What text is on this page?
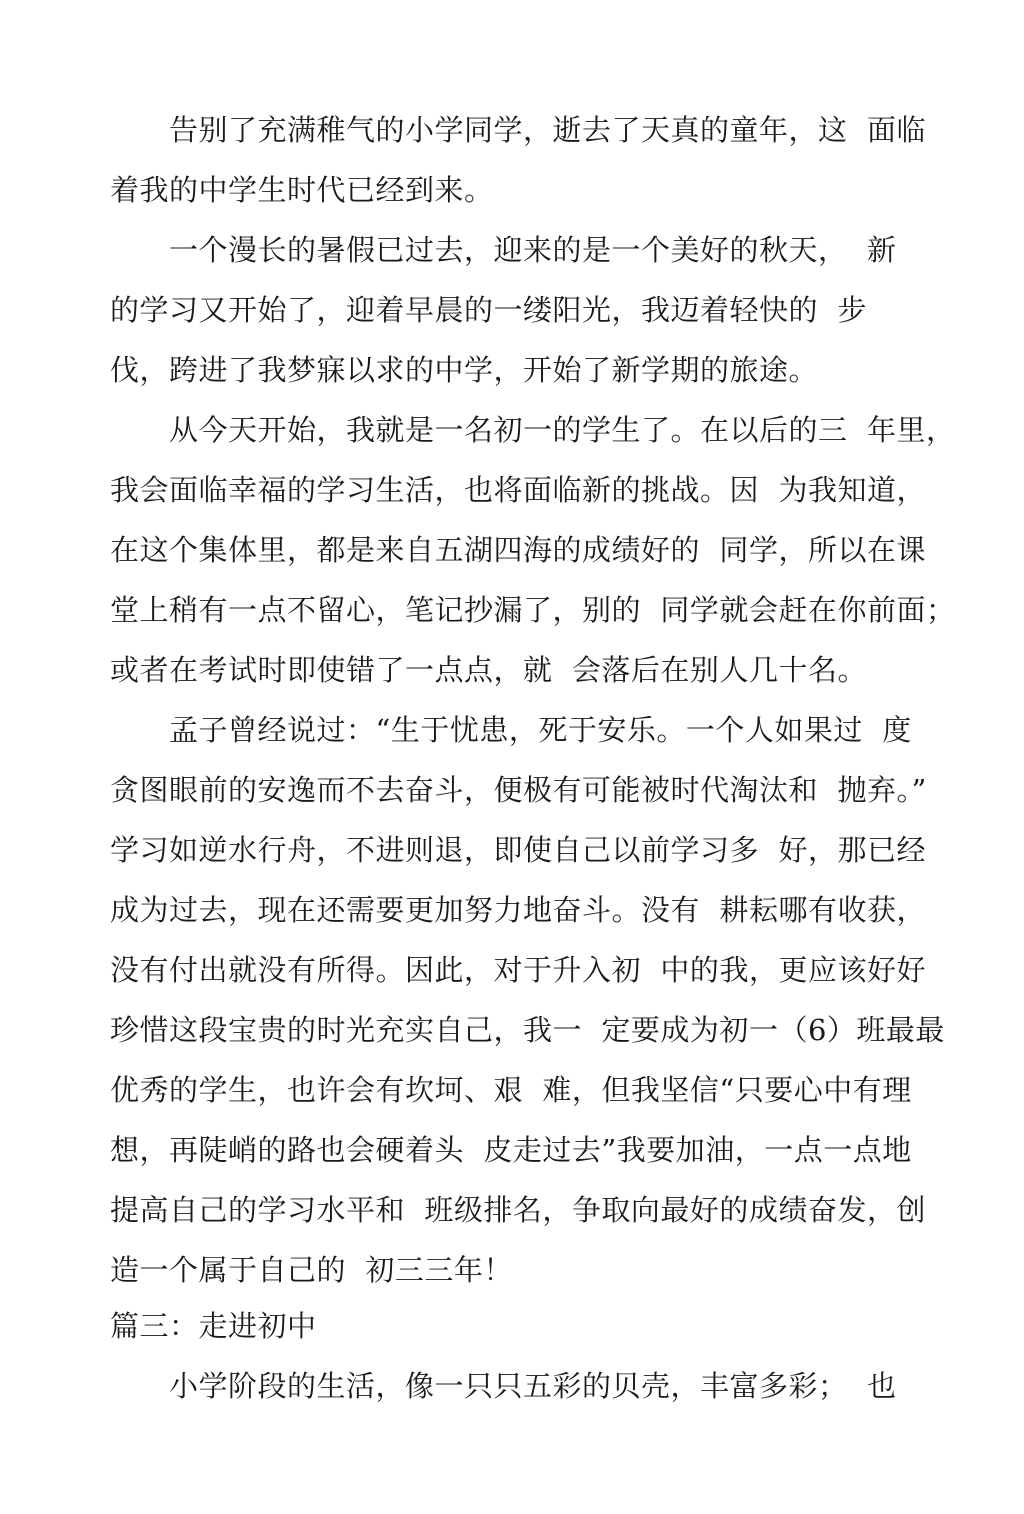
　　告别了充满稚气的小学同学，逝去了天真的童年，这  面临
着我的中学生时代已经到来。
　　一个漫长的暑假已过去，迎来的是一个美好的秋天，  新
的学习又开始了，迎着早晨的一缕阳光，我迈着轻快的  步
伐，跨进了我梦寐以求的中学，开始了新学期的旅途。
　　从今天开始，我就是一名初一的学生了。在以后的三  年里，
我会面临幸福的学习生活，也将面临新的挑战。因  为我知道，
在这个集体里，都是来自五湖四海的成绩好的  同学，所以在课
堂上稍有一点不留心，笔记抄漏了，别的  同学就会赶在你前面；
或者在考试时即使错了一点点，就  会落后在别人几十名。
　　孟子曾经说过：“生于忧患，死于安乐。一个人如果过  度
贪图眼前的安逸而不去奋斗，便极有可能被时代淘汰和  抛弃。”
学习如逆水行舟，不进则退，即使自己以前学习多  好，那已经
成为过去，现在还需要更加努力地奋斗。没有  耕耘哪有收获，
没有付出就没有所得。因此，对于升入初  中的我，更应该好好
珍惜这段宝贵的时光充实自己，我一  定要成为初一（6）班最最
优秀的学生，也许会有坎坷、艰  难，但我坚信“只要心中有理
想，再陡峭的路也会硬着头  皮走过去”我要加油，一点一点地
提高自己的学习水平和  班级排名，争取向最好的成绩奋发，创
造一个属于自己的  初三三年！
篇三：走进初中
　　小学阶段的生活，像一只只五彩的贝壳，丰富多彩；  也
